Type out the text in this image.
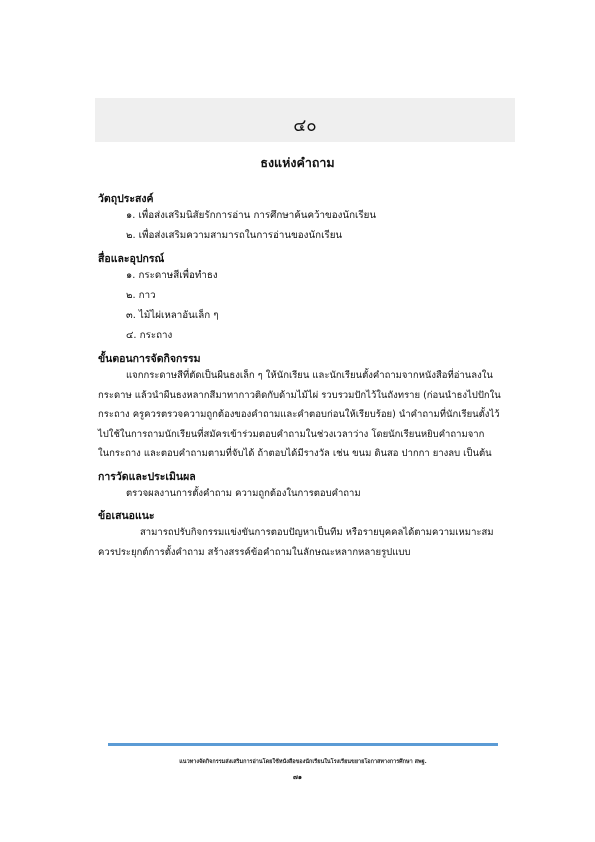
๔๐
ธงแห่งคำถาม

วัตถุประสงค์

๑. เพื่อส่งเสริมนิสัยรักการอ่าน การศึกษาค้นคว้าของนักเรียน
๒. เพื่อส่งเสริมความสามารถในการอ่านของนักเรียน

สื่อและอุปกรณ์

๑. กระดาษสีเพื่อทำธง
๒. กาว
๓. ไม้ไผ่เหลาอันเล็ก ๆ
๔. กระถาง

ขั้นตอนการจัดกิจกรรม

แจกกระดาษสีที่ตัดเป็นผืนธงเล็ก ๆ ให้นักเรียน และนักเรียนตั้งคำถามจากหนังสือที่อ่านลงใน

กระดาษ แล้วนำผืนธงหลากสีมาทากาวติดกับด้ามไม้ไผ่ รวบรวมปักไว้ในถังทราย (ก่อนนำธงไปปักใน

กระถาง ครูควรตรวจความถูกต้องของคำถามและคำตอบก่อนให้เรียบร้อย) นำคำถามที่นักเรียนตั้งไว้

ไปใช้ในการถามนักเรียนที่สมัครเข้าร่วมตอบคำถามในช่วงเวลาว่าง โดยนักเรียนหยิบคำถามจาก

ในกระถาง และตอบคำถามตามที่จับได้ ถ้าตอบได้มีรางวัล เช่น ขนม ดินสอ ปากกา ยางลบ เป็นต้น

การวัดและประเมินผล

ตรวจผลงานการตั้งคำถาม ความถูกต้องในการตอบคำถาม

ข้อเสนอแนะ

สามารถปรับกิจกรรมแข่งขันการตอบปัญหาเป็นทีม หรือรายบุคคลได้ตามความเหมาะสม

ควรประยุกต์การตั้งคำถาม สร้างสรรค์ข้อคำถามในลักษณะหลากหลายรูปแบบ

แนวทางจัดกิจกรรมส่งเสริมการอ่านโดยใช้หนังสือของนักเรียนในโรงเรียนขยายโอกาสทางการศึกษา สพฐ.
๗๑
